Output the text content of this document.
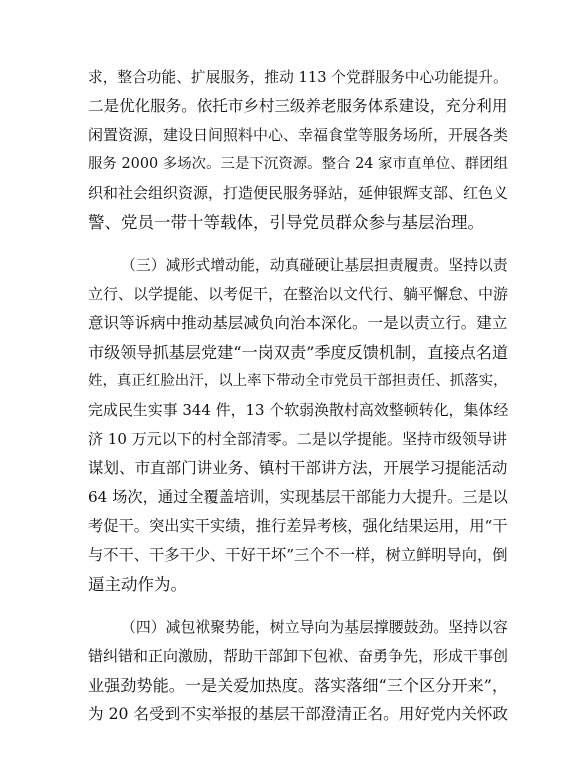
求，整合功能、扩展服务，推动 113 个党群服务中心功能提升。
二是优化服务。依托市乡村三级养老服务体系建设，充分利用
闲置资源，建设日间照料中心、幸福食堂等服务场所，开展各类
服务 2000 多场次。三是下沉资源。整合 24 家市直单位、群团组
织和社会组织资源，打造便民服务驿站，延伸银辉支部、红色义
警、党员一带十等载体，引导党员群众参与基层治理。
（三）减形式增动能，动真碰硬让基层担责履责。坚持以责
立行、以学提能、以考促干，在整治以文代行、躺平懈怠、中游
意识等诉病中推动基层减负向治本深化。一是以责立行。建立
市级领导抓基层党建“一岗双责”季度反馈机制，直接点名道
姓，真正红脸出汗，以上率下带动全市党员干部担责任、抓落实，
完成民生实事 344 件，13 个软弱涣散村高效整顿转化，集体经
济 10 万元以下的村全部清零。二是以学提能。坚持市级领导讲
谋划、市直部门讲业务、镇村干部讲方法，开展学习提能活动
64 场次，通过全覆盖培训，实现基层干部能力大提升。三是以
考促干。突出实干实绩，推行差异考核，强化结果运用，用“干
与不干、干多干少、干好干坏”三个不一样，树立鲜明导向，倒
逼主动作为。
（四）减包袱聚势能，树立导向为基层撑腰鼓劲。坚持以容
错纠错和正向激励，帮助干部卸下包袱、奋勇争先，形成干事创
业强劲势能。一是关爱加热度。落实落细“三个区分开来”，
为 20 名受到不实举报的基层干部澄清正名。用好党内关怀政
